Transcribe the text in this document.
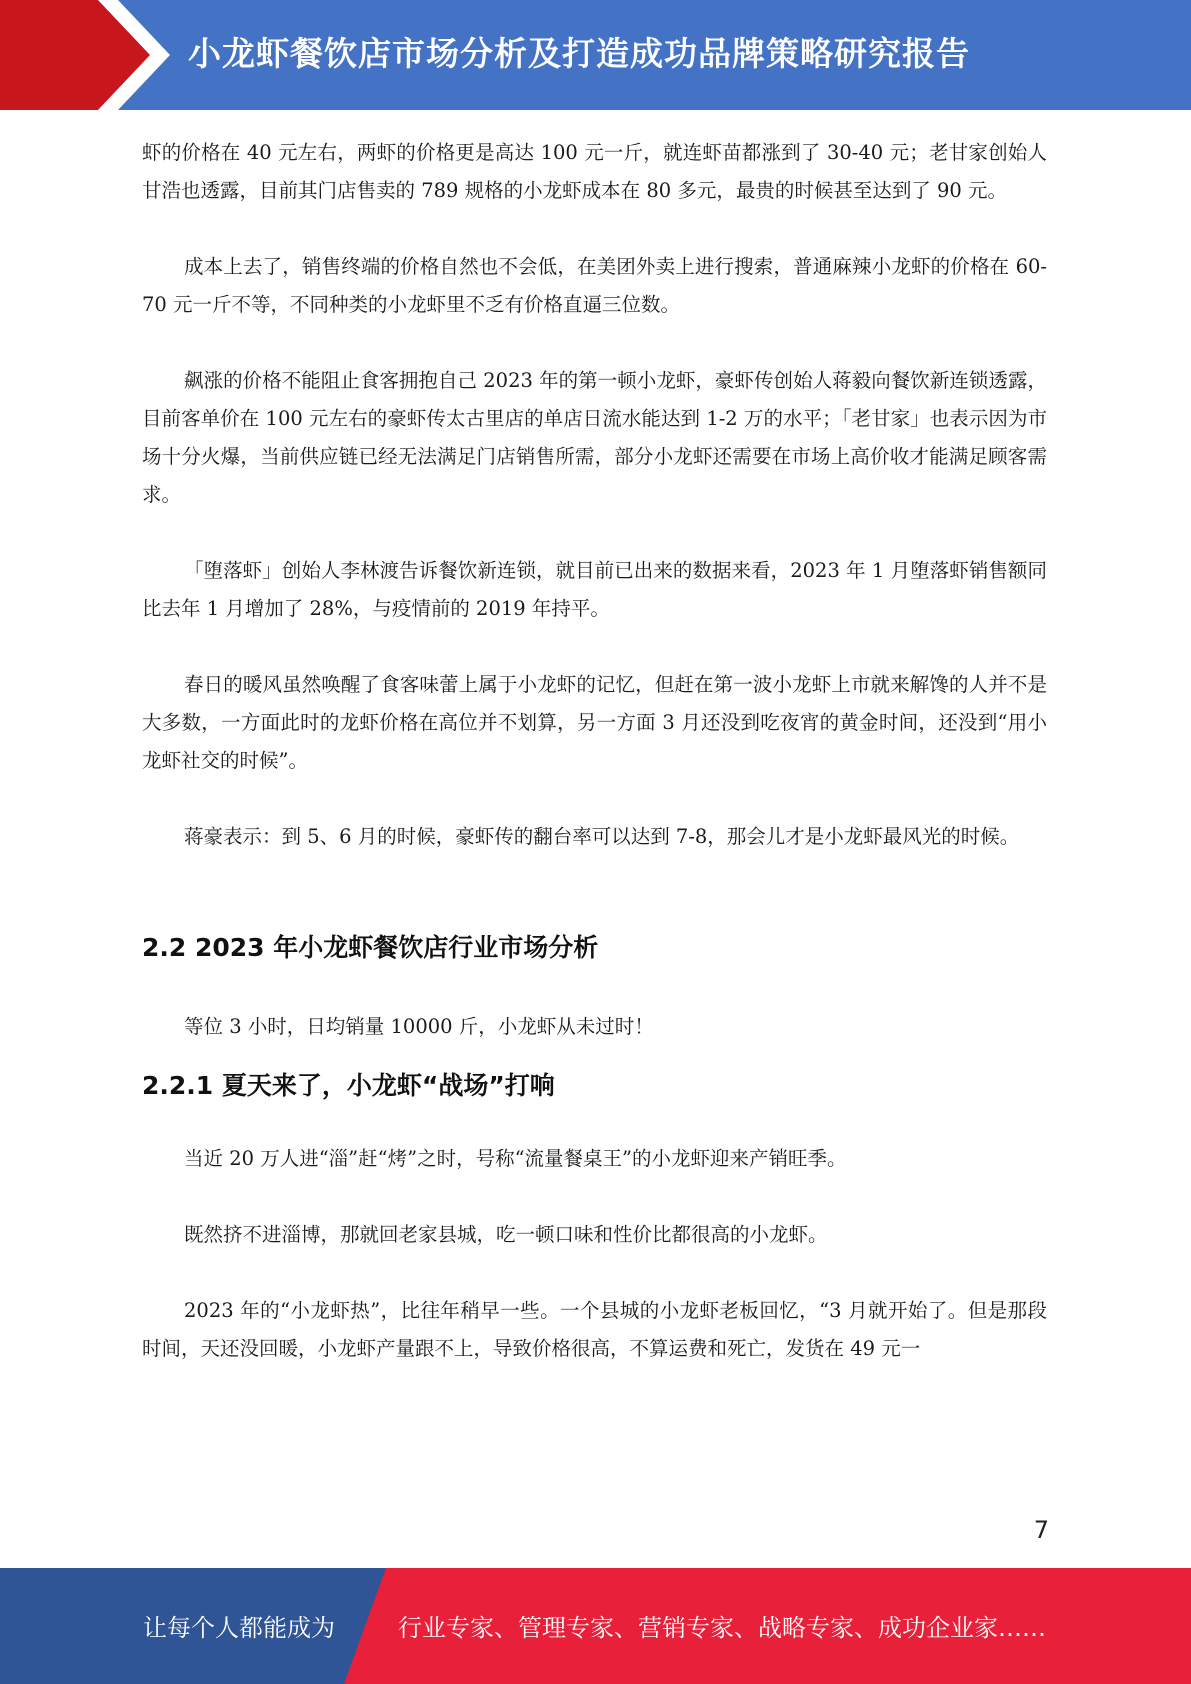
小龙虾餐饮店市场分析及打造成功品牌策略研究报告

虾的价格在 40 元左右，两虾的价格更是高达 100 元一斤，就连虾苗都涨到了 30-40 元；老甘家创始人甘浩也透露，目前其门店售卖的 789 规格的小龙虾成本在 80 多元，最贵的时候甚至达到了 90 元。

成本上去了，销售终端的价格自然也不会低，在美团外卖上进行搜索，普通麻辣小龙虾的价格在 60-70 元一斤不等，不同种类的小龙虾里不乏有价格直逼三位数。

飙涨的价格不能阻止食客拥抱自己 2023 年的第一顿小龙虾，豪虾传创始人蒋毅向餐饮新连锁透露，目前客单价在 100 元左右的豪虾传太古里店的单店日流水能达到 1-2 万的水平；「老甘家」也表示因为市场十分火爆，当前供应链已经无法满足门店销售所需，部分小龙虾还需要在市场上高价收才能满足顾客需求。

「堕落虾」创始人李林渡告诉餐饮新连锁，就目前已出来的数据来看，2023 年 1 月堕落虾销售额同比去年 1 月增加了 28%，与疫情前的 2019 年持平。

春日的暖风虽然唤醒了食客味蕾上属于小龙虾的记忆，但赶在第一波小龙虾上市就来解馋的人并不是大多数，一方面此时的龙虾价格在高位并不划算，另一方面 3 月还没到吃夜宵的黄金时间，还没到“用小龙虾社交的时候”。

蒋豪表示：到 5、6 月的时候，豪虾传的翻台率可以达到 7-8，那会儿才是小龙虾最风光的时候。

2.2 2023 年小龙虾餐饮店行业市场分析

等位 3 小时，日均销量 10000 斤，小龙虾从未过时！

2.2.1 夏天来了，小龙虾“战场”打响

当近 20 万人进“淄”赶“烤”之时，号称“流量餐桌王”的小龙虾迎来产销旺季。

既然挤不进淄博，那就回老家县城，吃一顿口味和性价比都很高的小龙虾。

2023 年的“小龙虾热”，比往年稍早一些。一个县城的小龙虾老板回忆，“3 月就开始了。但是那段时间，天还没回暖，小龙虾产量跟不上，导致价格很高，不算运费和死亡，发货在 49 元一

7
让每个人都能成为	行业专家、管理专家、营销专家、战略专家、成功企业家……
